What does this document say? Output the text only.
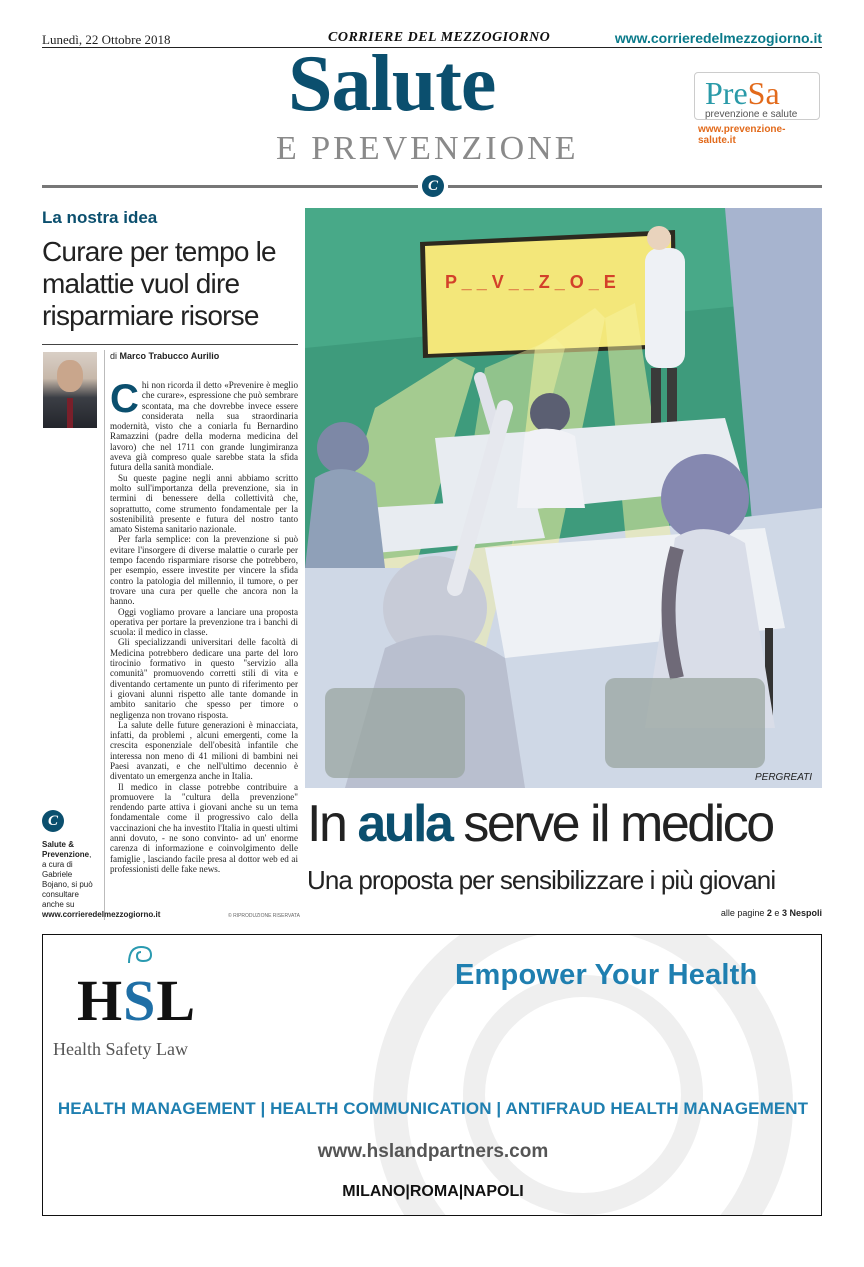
Lunedì, 22 Ottobre 2018	CORRIERE DEL MEZZOGIORNO	www.corrieredelmezzogiorno.it
Salute
E PREVENZIONE
PreSa
prevenzione e salute
www.prevenzione-salute.it
C
La nostra idea
Curare per tempo le malattie vuol dire risparmiare risorse
di Marco Trabucco Aurilio

Chi non ricorda il detto «Prevenire è meglio che curare», espressione che può sembrare scontata, ma che dovrebbe invece essere considerata nella sua straordinaria modernità, visto che a coniarla fu Bernardino Ramazzini (padre della moderna medicina del lavoro) che nel 1711 con grande lungimiranza aveva già compreso quale sarebbe stata la sfida futura della sanità mondiale.

Su queste pagine negli anni abbiamo scritto molto sull'importanza della prevenzione, sia in termini di benessere della collettività che, soprattutto, come strumento fondamentale per la sostenibilità presente e futura del nostro tanto amato Sistema sanitario nazionale.

Per farla semplice: con la prevenzione si può evitare l'insorgere di diverse malattie o curarle per tempo facendo risparmiare risorse che potrebbero, per esempio, essere investite per vincere la sfida contro la patologia del millennio, il tumore, o per trovare una cura per quelle che ancora non la hanno.

Oggi vogliamo provare a lanciare una proposta operativa per portare la prevenzione tra i banchi di scuola: il medico in classe.

Gli specializzandi universitari delle facoltà di Medicina potrebbero dedicare una parte del loro tirocinio formativo in questo "servizio alla comunità" promuovendo corretti stili di vita e diventando certamente un punto di riferimento per i giovani alunni rispetto alle tante domande in ambito sanitario che spesso per timore o negligenza non trovano risposta.

La salute delle future generazioni è minacciata, infatti, da problemi , alcuni emergenti, come la crescita esponenziale dell'obesità infantile che interessa non meno di 41 milioni di bambini nei Paesi avanzati, e che nell'ultimo decennio è diventato un emergenza anche in Italia.

Il medico in classe potrebbe contribuire a promuovere la "cultura della prevenzione" rendendo parte attiva i giovani anche su un tema fondamentale come il progressivo calo della vaccinazioni che ha investito l'Italia in questi ultimi anni dovuto, - ne sono convinto- ad un' enorme carenza di informazione e coinvolgimento delle famiglie , lasciando facile presa al dottor web ed ai professionisti delle fake news.

© RIPRODUZIONE RISERVATA
C
Salute & Prevenzione, a cura di Gabriele Bojano, si può consultare anche su www.corrieredelmezzogiorno.it
P _ _ V _ _ Z _ O _ E
PERGREATI
In aula serve il medico
Una proposta per sensibilizzare i più giovani
alle pagine 2 e 3 Nespoli
HSL
Health Safety Law
Empower Your Health
HEALTH MANAGEMENT | HEALTH COMMUNICATION | ANTIFRAUD HEALTH MANAGEMENT
www.hslandpartners.com
MILANO|ROMA|NAPOLI
